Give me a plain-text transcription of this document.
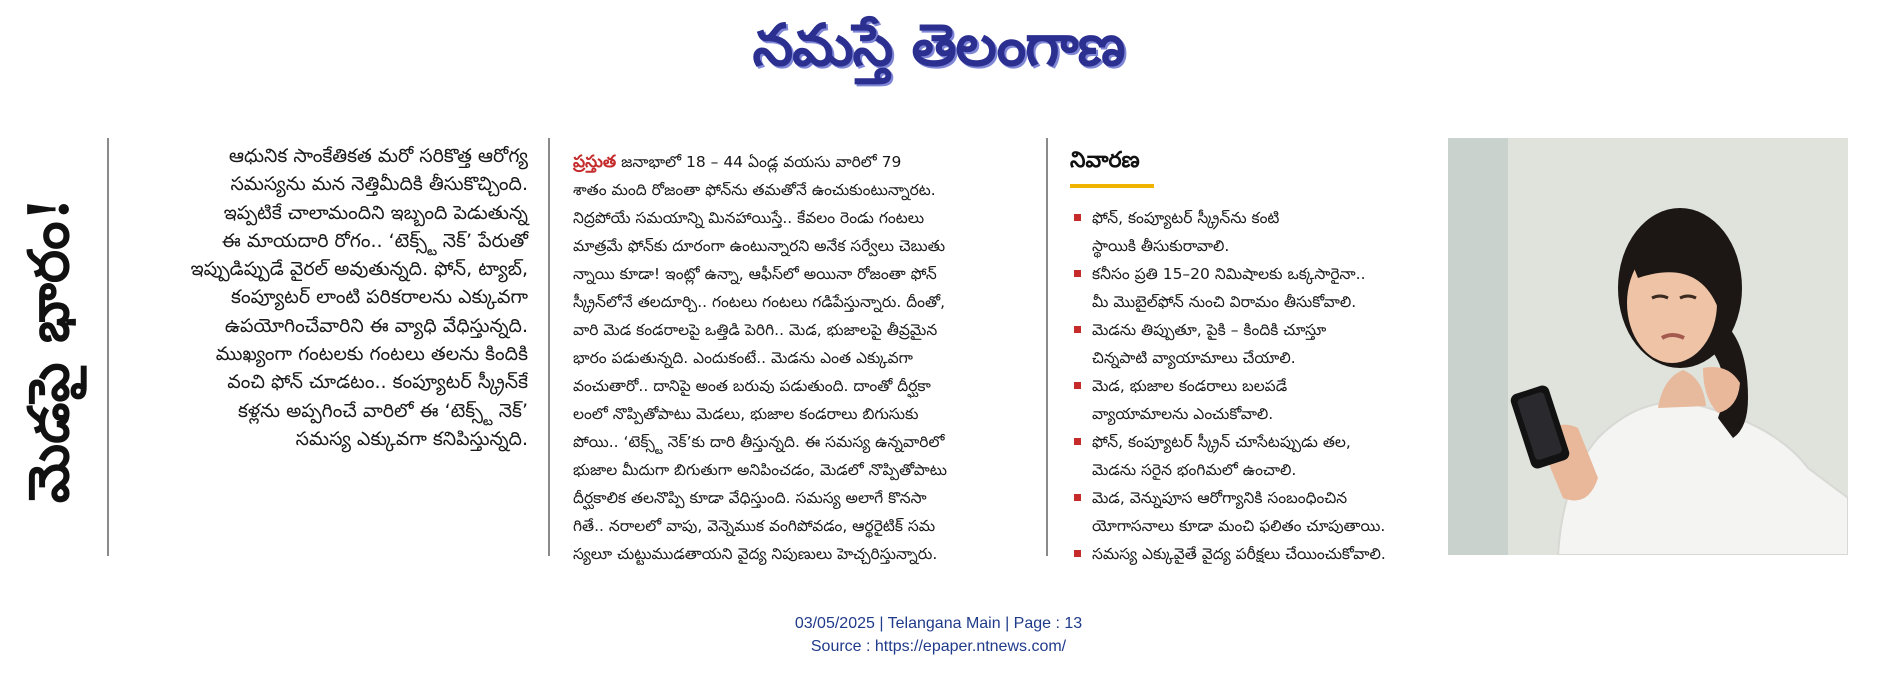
నమస్తే తెలంగాణ
మెడపై భారం!

ఆధునిక సాంకేతికత మరో సరికొత్త ఆరోగ్య

సమస్యను మన నెత్తిమీదికి తీసుకొచ్చింది.

ఇప్పటికే చాలామందిని ఇబ్బంది పెడుతున్న

ఈ మాయదారి రోగం.. ‘టెక్స్ట్ నెక్’ పేరుతో

ఇప్పుడిప్పుడే వైరల్ అవుతున్నది. ఫోన్, ట్యాబ్,

కంప్యూటర్ లాంటి పరికరాలను ఎక్కువగా

ఉపయోగించేవారిని ఈ వ్యాధి వేధిస్తున్నది.

ముఖ్యంగా గంటలకు గంటలు తలను కిందికి

వంచి ఫోన్ చూడటం.. కంప్యూటర్ స్క్రీన్‌కే

కళ్లను అప్పగించే వారిలో ఈ ‘టెక్స్ట్ నెక్’

సమస్య ఎక్కువగా కనిపిస్తున్నది.

ప్రస్తుత జనాభాలో 18 – 44 ఏండ్ల వయసు వారిలో 79

శాతం మంది రోజంతా ఫోన్‌ను తమతోనే ఉంచుకుంటున్నారట.

నిద్రపోయే సమయాన్ని మినహాయిస్తే.. కేవలం రెండు గంటలు

మాత్రమే ఫోన్‌కు దూరంగా ఉంటున్నారని అనేక సర్వేలు చెబుతు

న్నాయి కూడా! ఇంట్లో ఉన్నా, ఆఫీస్‌లో అయినా రోజంతా ఫోన్

స్క్రీన్‌లోనే తలదూర్చి.. గంటలు గంటలు గడిపేస్తున్నారు. దీంతో,

వారి మెడ కండరాలపై ఒత్తిడి పెరిగి.. మెడ, భుజాలపై తీవ్రమైన

భారం పడుతున్నది. ఎందుకంటే.. మెడను ఎంత ఎక్కువగా

వంచుతారో.. దానిపై అంత బరువు పడుతుంది. దాంతో దీర్ఘకా

లంలో నొప్పితోపాటు మెడలు, భుజాల కండరాలు బిగుసుకు

పోయి.. ‘టెక్స్ట్ నెక్’కు దారి తీస్తున్నది. ఈ సమస్య ఉన్నవారిలో

భుజాల మీదుగా బిగుతుగా అనిపించడం, మెడలో నొప్పితోపాటు

దీర్ఘకాలిక తలనొప్పి కూడా వేధిస్తుంది. సమస్య అలాగే కొనసా

గితే.. నరాలలో వాపు, వెన్నెముక వంగిపోవడం, ఆర్థరైటిక్ సమ

స్యలూ చుట్టుముడతాయని వైద్య నిపుణులు హెచ్చరిస్తున్నారు.

నివారణ

ఫోన్, కంప్యూటర్ స్క్రీన్‌ను కంటి

స్థాయికి తీసుకురావాలి.

కనీసం ప్రతి 15–20 నిమిషాలకు ఒక్కసారైనా..

మీ మొబైల్‌ఫోన్ నుంచి విరామం తీసుకోవాలి.

మెడను తిప్పుతూ, పైకి – కిందికి చూస్తూ

చిన్నపాటి వ్యాయామాలు చేయాలి.

మెడ, భుజాల కండరాలు బలపడే

వ్యాయామాలను ఎంచుకోవాలి.

ఫోన్, కంప్యూటర్ స్క్రీన్ చూసేటప్పుడు తల,

మెడను సరైన భంగిమలో ఉంచాలి.

మెడ, వెన్నుపూస ఆరోగ్యానికి సంబంధించిన

యోగాసనాలు కూడా మంచి ఫలితం చూపుతాయి.

సమస్య ఎక్కువైతే వైద్య పరీక్షలు చేయించుకోవాలి.

03/05/2025 | Telangana Main | Page : 13
Source : https://epaper.ntnews.com/
